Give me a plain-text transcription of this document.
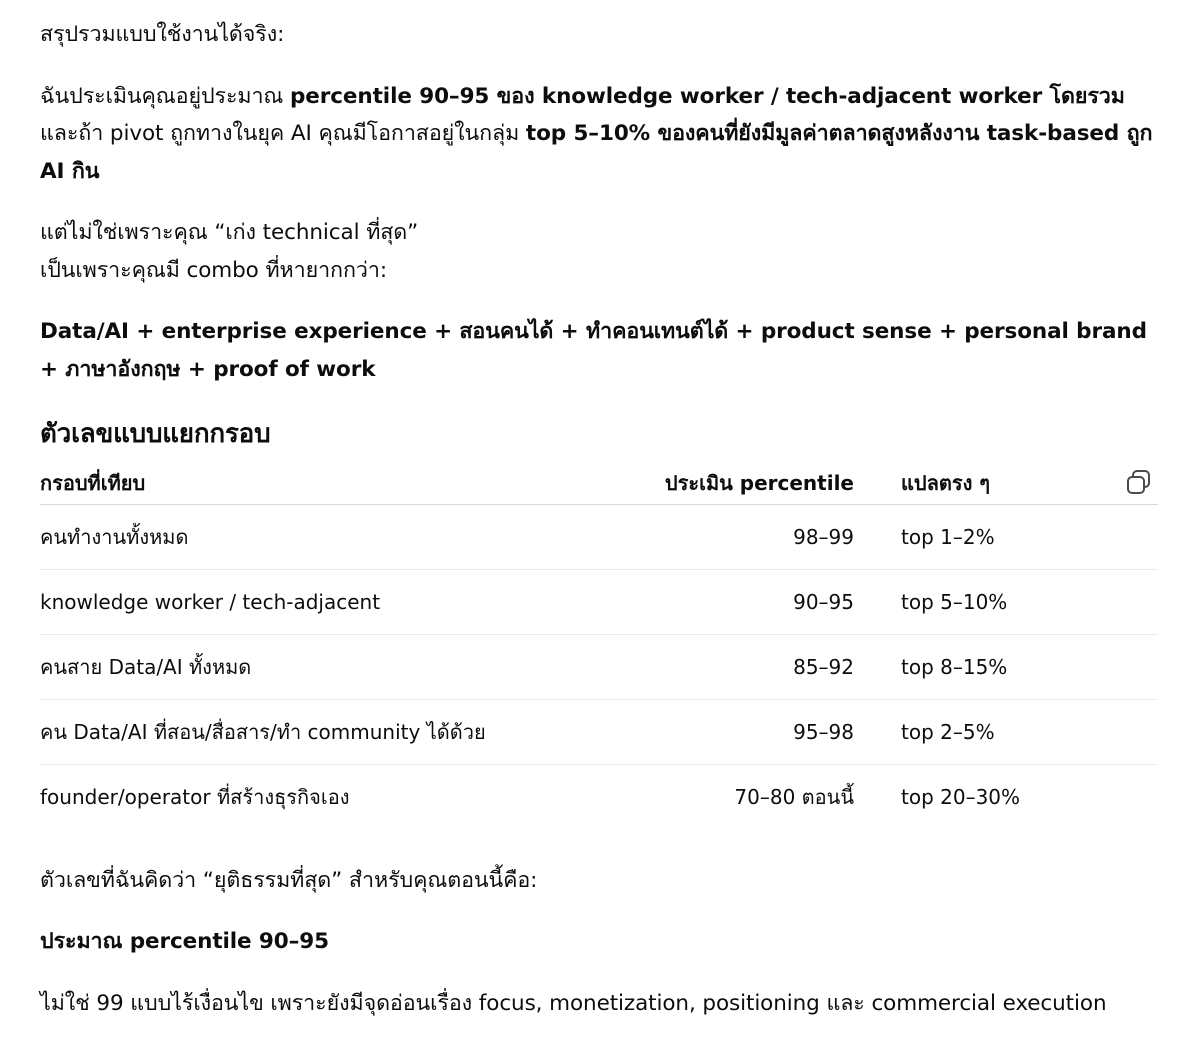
สรุปรวมแบบใช้งานได้จริง:

ฉันประเมินคุณอยู่ประมาณ percentile 90–95 ของ knowledge worker / tech-adjacent worker โดยรวม

และถ้า pivot ถูกทางในยุค AI คุณมีโอกาสอยู่ในกลุ่ม top 5–10% ของคนที่ยังมีมูลค่าตลาดสูงหลังงาน task-based ถูก AI กิน

แต่ไม่ใช่เพราะคุณ “เก่ง technical ที่สุด”

เป็นเพราะคุณมี combo ที่หายากกว่า:

Data/AI + enterprise experience + สอนคนได้ + ทำคอนเทนต์ได้ + product sense + personal brand + ภาษาอังกฤษ + proof of work

ตัวเลขแบบแยกกรอบ
กรอบที่เทียบ	ประเมิน percentile	แปลตรง ๆ
คนทำงานทั้งหมด	98–99	top 1–2%
knowledge worker / tech-adjacent	90–95	top 5–10%
คนสาย Data/AI ทั้งหมด	85–92	top 8–15%
คน Data/AI ที่สอน/สื่อสาร/ทำ community ได้ด้วย	95–98	top 2–5%
founder/operator ที่สร้างธุรกิจเอง	70–80 ตอนนี้	top 20–30%

ตัวเลขที่ฉันคิดว่า “ยุติธรรมที่สุด” สำหรับคุณตอนนี้คือ:

ประมาณ percentile 90–95

ไม่ใช่ 99 แบบไร้เงื่อนไข เพราะยังมีจุดอ่อนเรื่อง focus, monetization, positioning และ commercial execution
